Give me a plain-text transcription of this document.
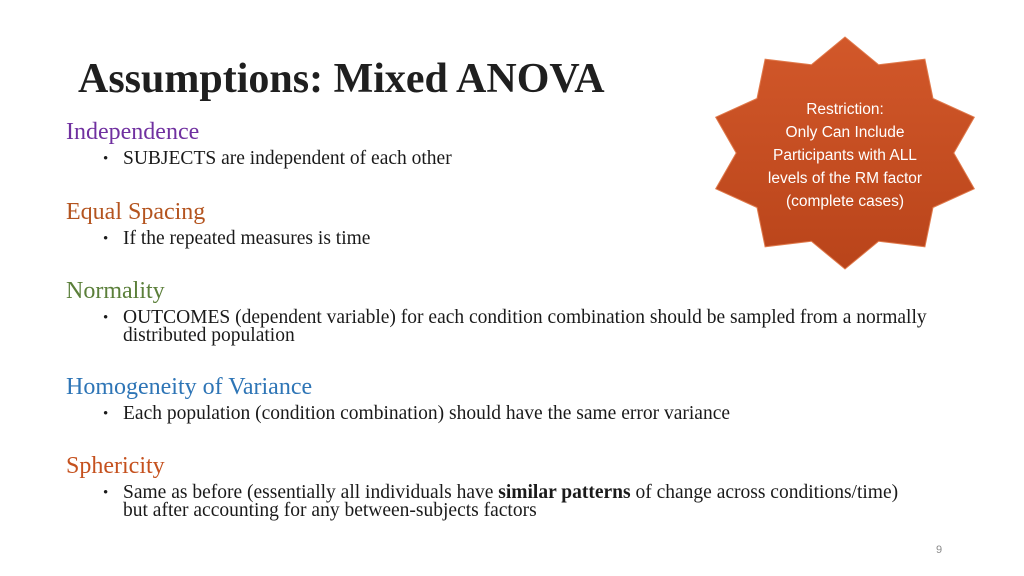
Assumptions: Mixed ANOVA
Independence
• SUBJECTS are independent of each other
Equal Spacing
• If the repeated measures is time
Normality
• OUTCOMES (dependent variable) for each condition combination should be sampled from a normally distributed population
Homogeneity of Variance
• Each population (condition combination) should have the same error variance
Sphericity
• Same as before (essentially all individuals have similar patterns of change across conditions/time) but after accounting for any between-subjects factors
Restriction:
Only Can Include
Participants with ALL
levels of the RM factor
(complete cases)
9
